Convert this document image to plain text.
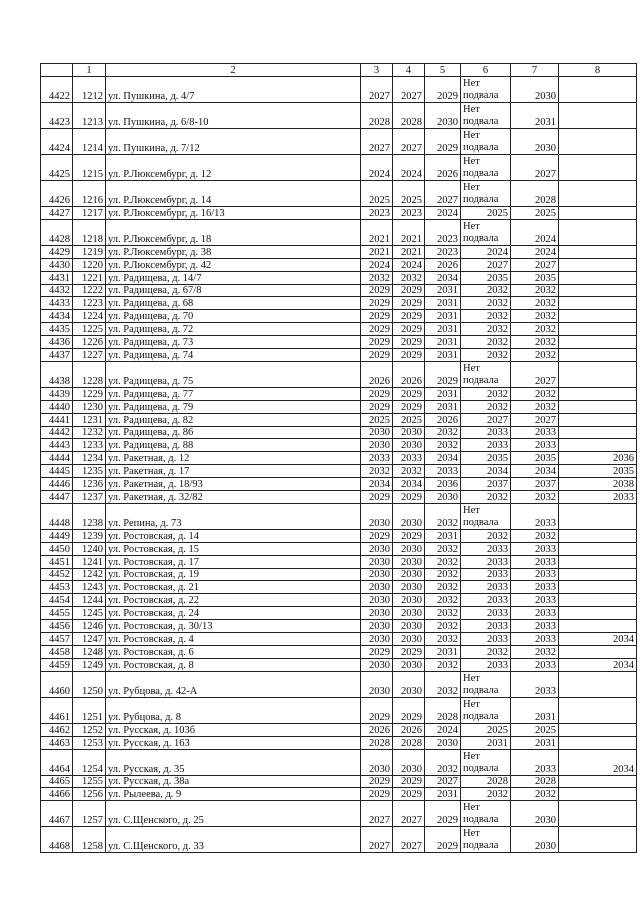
	1	2	3	4	5	6	7	8
4422	1212	ул. Пушкина, д. 4/7	2027	2027	2029	Нет
подвала	2030	
4423	1213	ул. Пушкина, д. 6/8-10	2028	2028	2030	Нет
подвала	2031	
4424	1214	ул. Пушкина, д. 7/12	2027	2027	2029	Нет
подвала	2030	
4425	1215	ул. Р.Люксембург, д. 12	2024	2024	2026	Нет
подвала	2027	
4426	1216	ул. Р.Люксембург, д. 14	2025	2025	2027	Нет
подвала	2028	
4427	1217	ул. Р.Люксембург, д. 16/13	2023	2023	2024	2025	2025	
4428	1218	ул. Р.Люксембург, д. 18	2021	2021	2023	Нет
подвала	2024	
4429	1219	ул. Р.Люксембург, д. 38	2021	2021	2023	2024	2024	
4430	1220	ул. Р.Люксембург, д. 42	2024	2024	2026	2027	2027	
4431	1221	ул. Радищева, д. 14/7	2032	2032	2034	2035	2035	
4432	1222	ул. Радищева, д. 67/8	2029	2029	2031	2032	2032	
4433	1223	ул. Радищева, д. 68	2029	2029	2031	2032	2032	
4434	1224	ул. Радищева, д. 70	2029	2029	2031	2032	2032	
4435	1225	ул. Радищева, д. 72	2029	2029	2031	2032	2032	
4436	1226	ул. Радищева, д. 73	2029	2029	2031	2032	2032	
4437	1227	ул. Радищева, д. 74	2029	2029	2031	2032	2032	
4438	1228	ул. Радищева, д. 75	2026	2026	2029	Нет
подвала	2027	
4439	1229	ул. Радищева, д. 77	2029	2029	2031	2032	2032	
4440	1230	ул. Радищева, д. 79	2029	2029	2031	2032	2032	
4441	1231	ул. Радищева, д. 82	2025	2025	2026	2027	2027	
4442	1232	ул. Радищева, д. 86	2030	2030	2032	2033	2033	
4443	1233	ул. Радищева, д. 88	2030	2030	2032	2033	2033	
4444	1234	ул. Ракетная, д. 12	2033	2033	2034	2035	2035	2036
4445	1235	ул. Ракетная, д. 17	2032	2032	2033	2034	2034	2035
4446	1236	ул. Ракетная, д. 18/93	2034	2034	2036	2037	2037	2038
4447	1237	ул. Ракетная, д. 32/82	2029	2029	2030	2032	2032	2033
4448	1238	ул. Репина, д. 73	2030	2030	2032	Нет
подвала	2033	
4449	1239	ул. Ростовская, д. 14	2029	2029	2031	2032	2032	
4450	1240	ул. Ростовская, д. 15	2030	2030	2032	2033	2033	
4451	1241	ул. Ростовская, д. 17	2030	2030	2032	2033	2033	
4452	1242	ул. Ростовская, д. 19	2030	2030	2032	2033	2033	
4453	1243	ул. Ростовская, д. 21	2030	2030	2032	2033	2033	
4454	1244	ул. Ростовская, д. 22	2030	2030	2032	2033	2033	
4455	1245	ул. Ростовская, д. 24	2030	2030	2032	2033	2033	
4456	1246	ул. Ростовская, д. 30/13	2030	2030	2032	2033	2033	
4457	1247	ул. Ростовская, д. 4	2030	2030	2032	2033	2033	2034
4458	1248	ул. Ростовская, д. 6	2029	2029	2031	2032	2032	
4459	1249	ул. Ростовская, д. 8	2030	2030	2032	2033	2033	2034
4460	1250	ул. Рубцова, д. 42-А	2030	2030	2032	Нет
подвала	2033	
4461	1251	ул. Рубцова, д. 8	2029	2029	2028	Нет
подвала	2031	
4462	1252	ул. Русская, д. 103б	2026	2026	2024	2025	2025	
4463	1253	ул. Русская, д. 163	2028	2028	2030	2031	2031	
4464	1254	ул. Русская, д. 35	2030	2030	2032	Нет
подвала	2033	2034
4465	1255	ул. Русская, д. 38а	2029	2029	2027	2028	2028	
4466	1256	ул. Рылеева, д. 9	2029	2029	2031	2032	2032	
4467	1257	ул. С.Щенского, д. 25	2027	2027	2029	Нет
подвала	2030	
4468	1258	ул. С.Щенского, д. 33	2027	2027	2029	Нет
подвала	2030	
